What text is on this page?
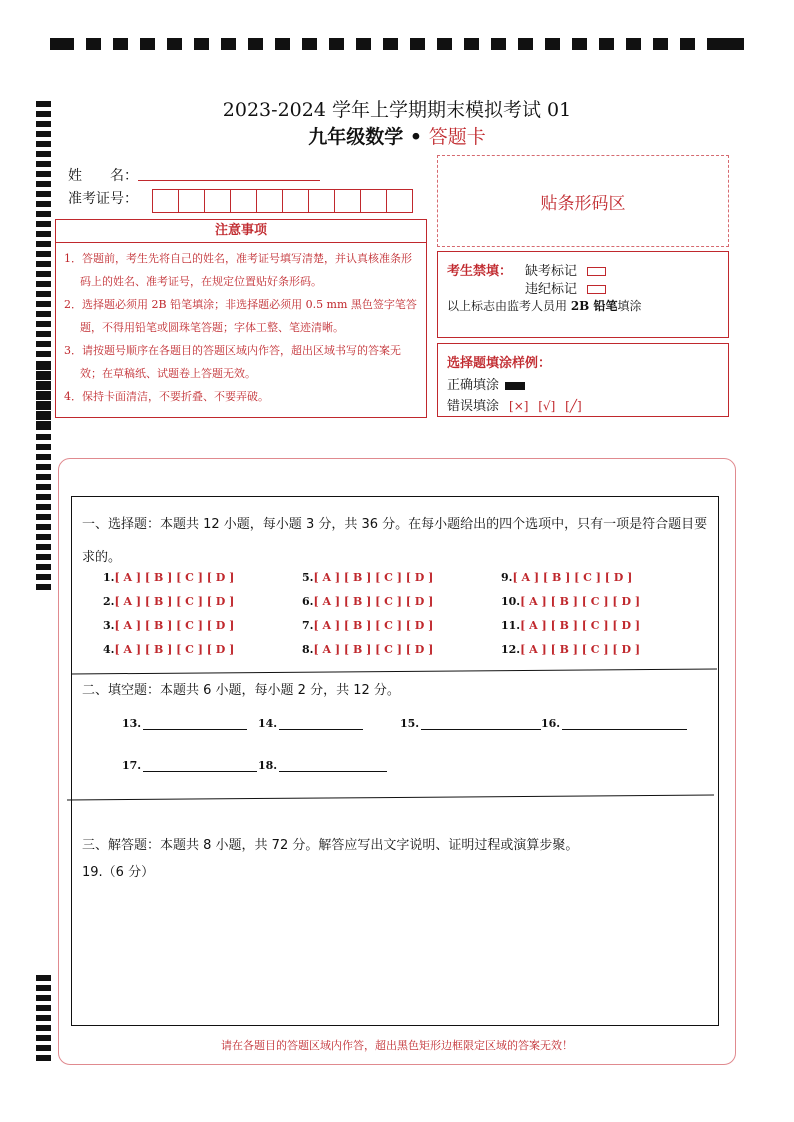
2023-2024 学年上学期期末模拟考试 01
九年级数学 • 答题卡
姓　　名：
准考证号：	贴条形码区
注意事项
1．答题前，考生先将自己的姓名，准考证号填写清楚，并认真核准条形码上的姓名、准考证号，在规定位置贴好条形码。
2．选择题必须用 2B 铅笔填涂；非选择题必须用 0.5 mm 黑色签字笔答题，不得用铅笔或圆珠笔答题；字体工整、笔迹清晰。
3．请按题号顺序在各题目的答题区域内作答，超出区域书写的答案无效；在草稿纸、试题卷上答题无效。
4．保持卡面清洁，不要折叠、不要弄破。
考生禁填： 缺考标记
违纪标记
以上标志由监考人员用 2B 铅笔填涂
选择题填涂样例：
正确填涂
错误填涂 [×] [√] [╱]
一、选择题：本题共 12 小题，每小题 3 分，共 36 分。在每小题给出的四个选项中，只有一项是符合题目要求的。
1.[ A ] [ B ] [ C ] [ D ]
2.[ A ] [ B ] [ C ] [ D ]
3.[ A ] [ B ] [ C ] [ D ]
4.[ A ] [ B ] [ C ] [ D ]
5.[ A ] [ B ] [ C ] [ D ]
6.[ A ] [ B ] [ C ] [ D ]
7.[ A ] [ B ] [ C ] [ D ]
8.[ A ] [ B ] [ C ] [ D ]
9.[ A ] [ B ] [ C ] [ D ]
10.[ A ] [ B ] [ C ] [ D ]
11.[ A ] [ B ] [ C ] [ D ]
12.[ A ] [ B ] [ C ] [ D ]
二、填空题：本题共 6 小题，每小题 2 分，共 12 分。
13.	14.	15.	16.
17.	18.
三、解答题：本题共 8 小题，共 72 分。解答应写出文字说明、证明过程或演算步聚。
19.（6 分）
请在各题目的答题区域内作答，超出黑色矩形边框限定区域的答案无效！
